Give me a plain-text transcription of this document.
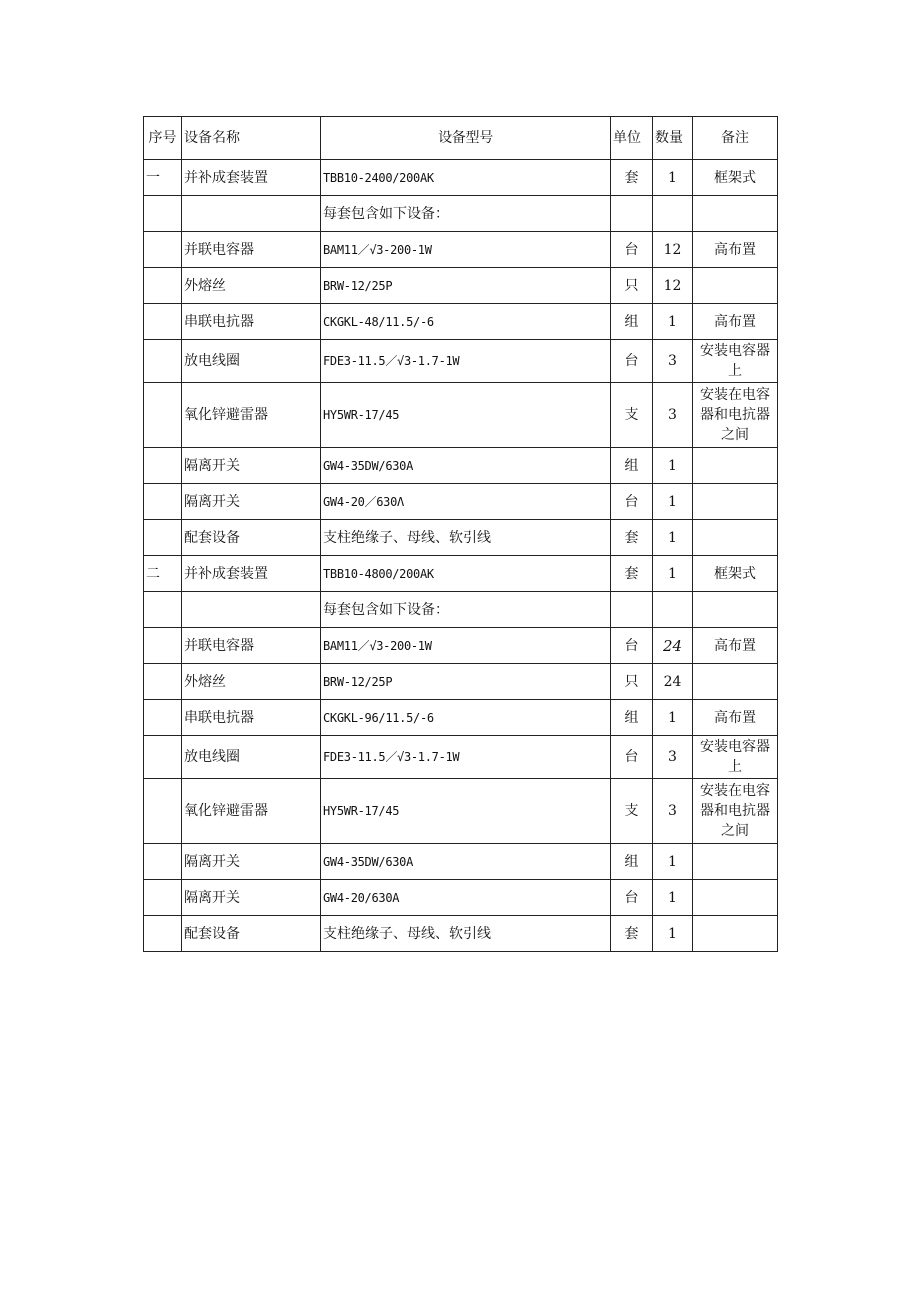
序号	设备名称	设备型号	单位	数量	备注
一	并补成套装置	TBB10-2400/200AK	套	1	框架式
		每套包含如下设备：			
	并联电容器	BAM11／√3-200-1W	台	12	高布置
	外熔丝	BRW-12/25P	只	12	
	串联电抗器	CKGKL-48/11.5/-6	组	1	高布置
	放电线圈	FDE3-11.5／√3-1.7-1W	台	3	安装电容器上
	氧化锌避雷器	HY5WR-17/45	支	3	安装在电容器和电抗器之间
	隔离开关	GW4-35DW/630A	组	1	
	隔离开关	GW4-20／630Λ	台	1	
	配套设备	支柱绝缘子、母线、软引线	套	1	
二	并补成套装置	TBB10-4800/200AK	套	1	框架式
		每套包含如下设备：			
	并联电容器	BAM11／√3-200-1W	台	24	高布置
	外熔丝	BRW-12/25P	只	24	
	串联电抗器	CKGKL-96/11.5/-6	组	1	高布置
	放电线圈	FDE3-11.5／√3-1.7-1W	台	3	安装电容器上
	氧化锌避雷器	HY5WR-17/45	支	3	安装在电容器和电抗器之间
	隔离开关	GW4-35DW/630A	组	1	
	隔离开关	GW4-20/630A	台	1	
	配套设备	支柱绝缘子、母线、软引线	套	1	
